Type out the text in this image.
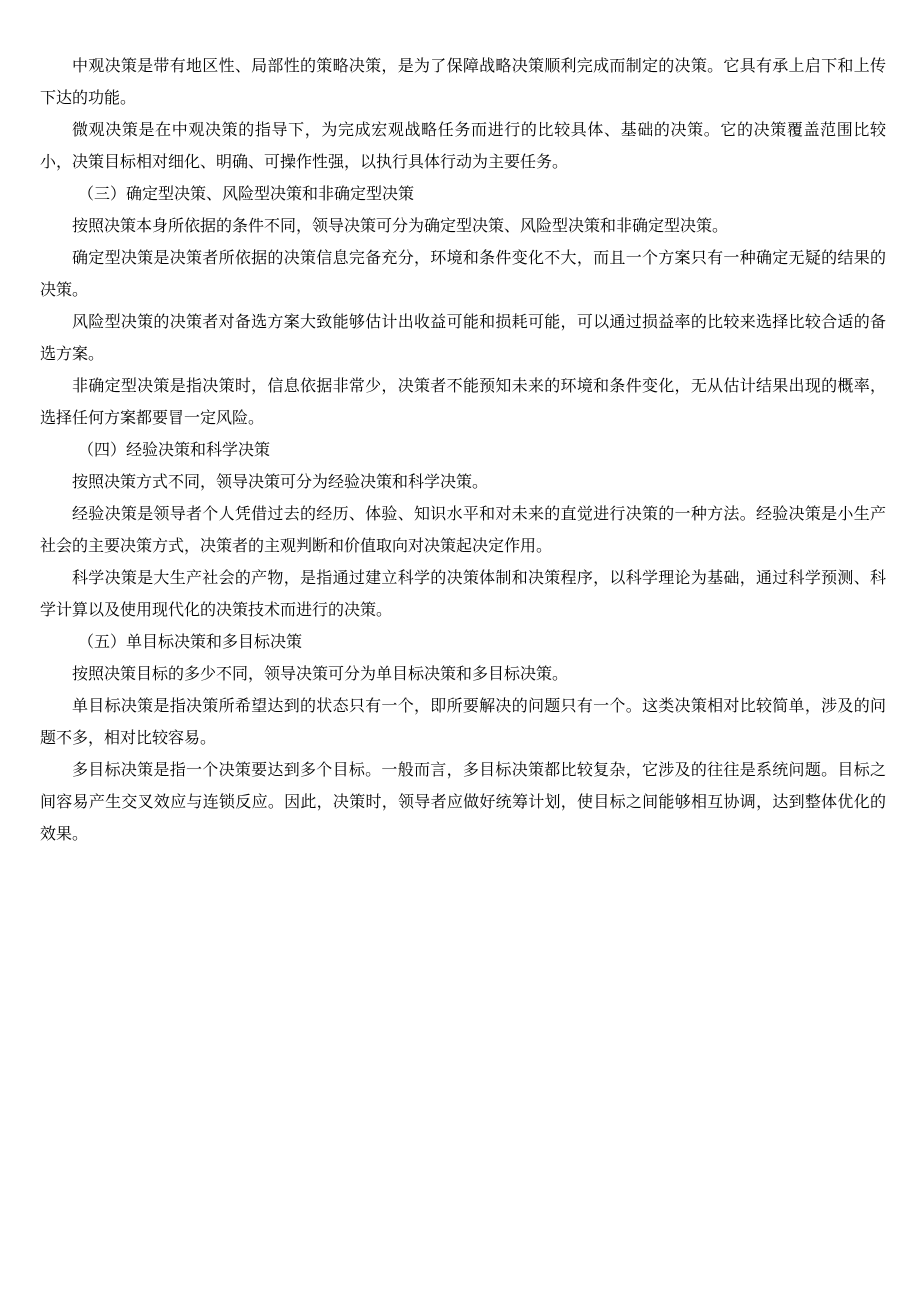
中观决策是带有地区性、局部性的策略决策，是为了保障战略决策顺利完成而制定的决策。它具有承上启下和上传下达的功能。

微观决策是在中观决策的指导下，为完成宏观战略任务而进行的比较具体、基础的决策。它的决策覆盖范围比较小，决策目标相对细化、明确、可操作性强，以执行具体行动为主要任务。

（三）确定型决策、风险型决策和非确定型决策

按照决策本身所依据的条件不同，领导决策可分为确定型决策、风险型决策和非确定型决策。

确定型决策是决策者所依据的决策信息完备充分，环境和条件变化不大，而且一个方案只有一种确定无疑的结果的决策。

风险型决策的决策者对备选方案大致能够估计出收益可能和损耗可能，可以通过损益率的比较来选择比较合适的备选方案。

非确定型决策是指决策时，信息依据非常少，决策者不能预知未来的环境和条件变化，无从估计结果出现的概率，选择任何方案都要冒一定风险。

（四）经验决策和科学决策

按照决策方式不同，领导决策可分为经验决策和科学决策。

经验决策是领导者个人凭借过去的经历、体验、知识水平和对未来的直觉进行决策的一种方法。经验决策是小生产社会的主要决策方式，决策者的主观判断和价值取向对决策起决定作用。

科学决策是大生产社会的产物，是指通过建立科学的决策体制和决策程序，以科学理论为基础，通过科学预测、科学计算以及使用现代化的决策技术而进行的决策。

（五）单目标决策和多目标决策

按照决策目标的多少不同，领导决策可分为单目标决策和多目标决策。

单目标决策是指决策所希望达到的状态只有一个，即所要解决的问题只有一个。这类决策相对比较简单，涉及的问题不多，相对比较容易。

多目标决策是指一个决策要达到多个目标。一般而言，多目标决策都比较复杂，它涉及的往往是系统问题。目标之间容易产生交叉效应与连锁反应。因此，决策时，领导者应做好统筹计划，使目标之间能够相互协调，达到整体优化的效果。
